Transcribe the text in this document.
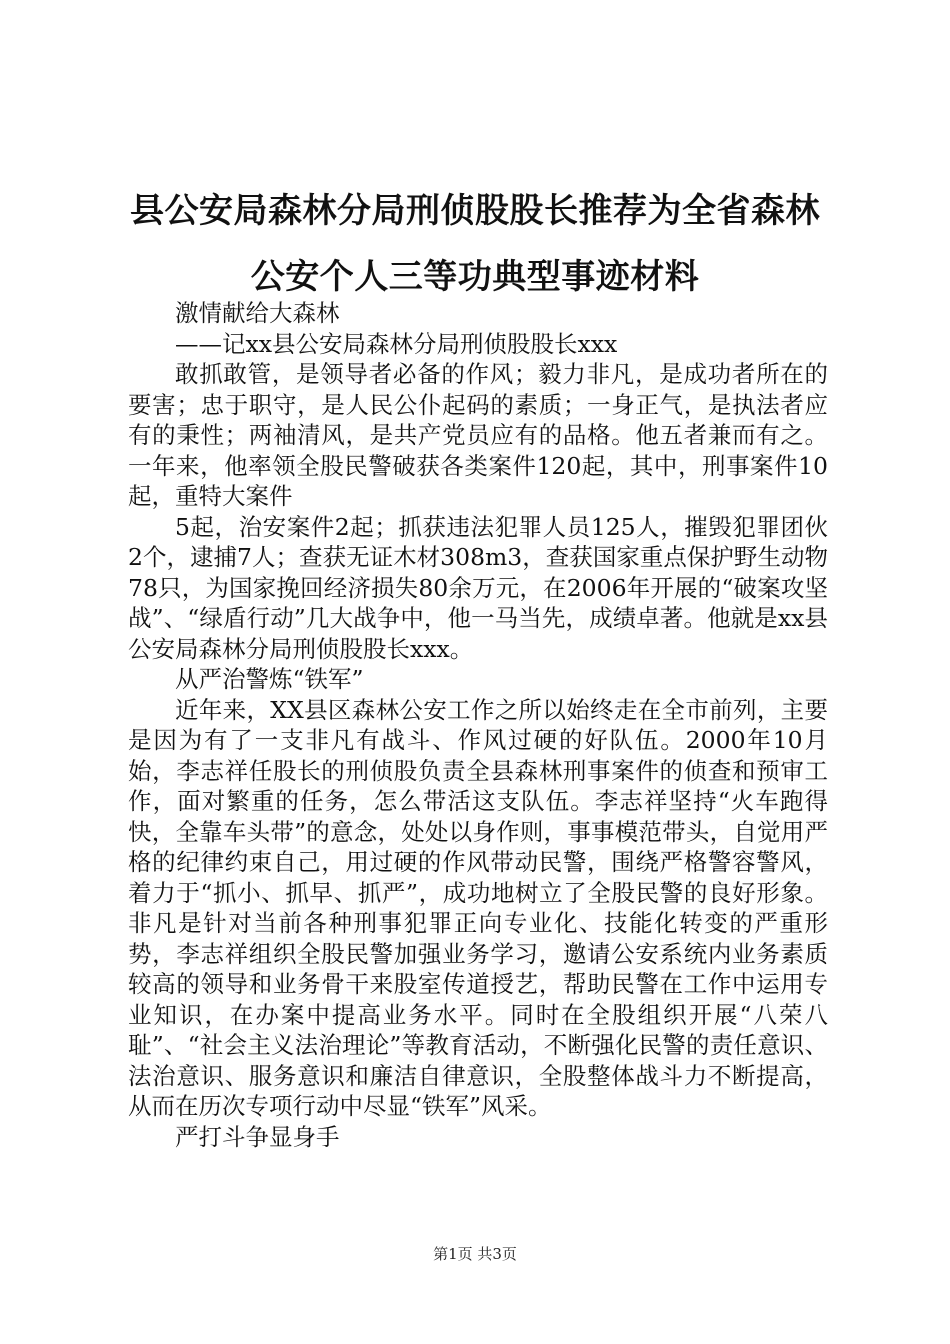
县公安局森林分局刑侦股股长推荐为全省森林
公安个人三等功典型事迹材料

激情献给大森林

——记xx县公安局森林分局刑侦股股长xxx

敢抓敢管，是领导者必备的作风；毅力非凡，是成功者所在的要害；忠于职守，是人民公仆起码的素质；一身正气，是执法者应有的秉性；两袖清风，是共产党员应有的品格。他五者兼而有之。一年来，他率领全股民警破获各类案件120起，其中，刑事案件10起，重特大案件

5起，治安案件2起；抓获违法犯罪人员125人，摧毁犯罪团伙2个，逮捕7人；查获无证木材308m3，查获国家重点保护野生动物78只，为国家挽回经济损失80余万元，在2006年开展的“破案攻坚战”、“绿盾行动”几大战争中，他一马当先，成绩卓著。他就是xx县公安局森林分局刑侦股股长xxx。

从严治警炼“铁军”

近年来，XX县区森林公安工作之所以始终走在全市前列，主要是因为有了一支非凡有战斗、作风过硬的好队伍。2000年10月始，李志祥任股长的刑侦股负责全县森林刑事案件的侦查和预审工作，面对繁重的任务，怎么带活这支队伍。李志祥坚持“火车跑得快，全靠车头带”的意念，处处以身作则，事事模范带头，自觉用严格的纪律约束自己，用过硬的作风带动民警，围绕严格警容警风，着力于“抓小、抓早、抓严”，成功地树立了全股民警的良好形象。非凡是针对当前各种刑事犯罪正向专业化、技能化转变的严重形势，李志祥组织全股民警加强业务学习，邀请公安系统内业务素质较高的领导和业务骨干来股室传道授艺，帮助民警在工作中运用专业知识，在办案中提高业务水平。同时在全股组织开展“八荣八耻”、“社会主义法治理论”等教育活动，不断强化民警的责任意识、法治意识、服务意识和廉洁自律意识，全股整体战斗力不断提高，从而在历次专项行动中尽显“铁军”风采。

严打斗争显身手

第1页 共3页
